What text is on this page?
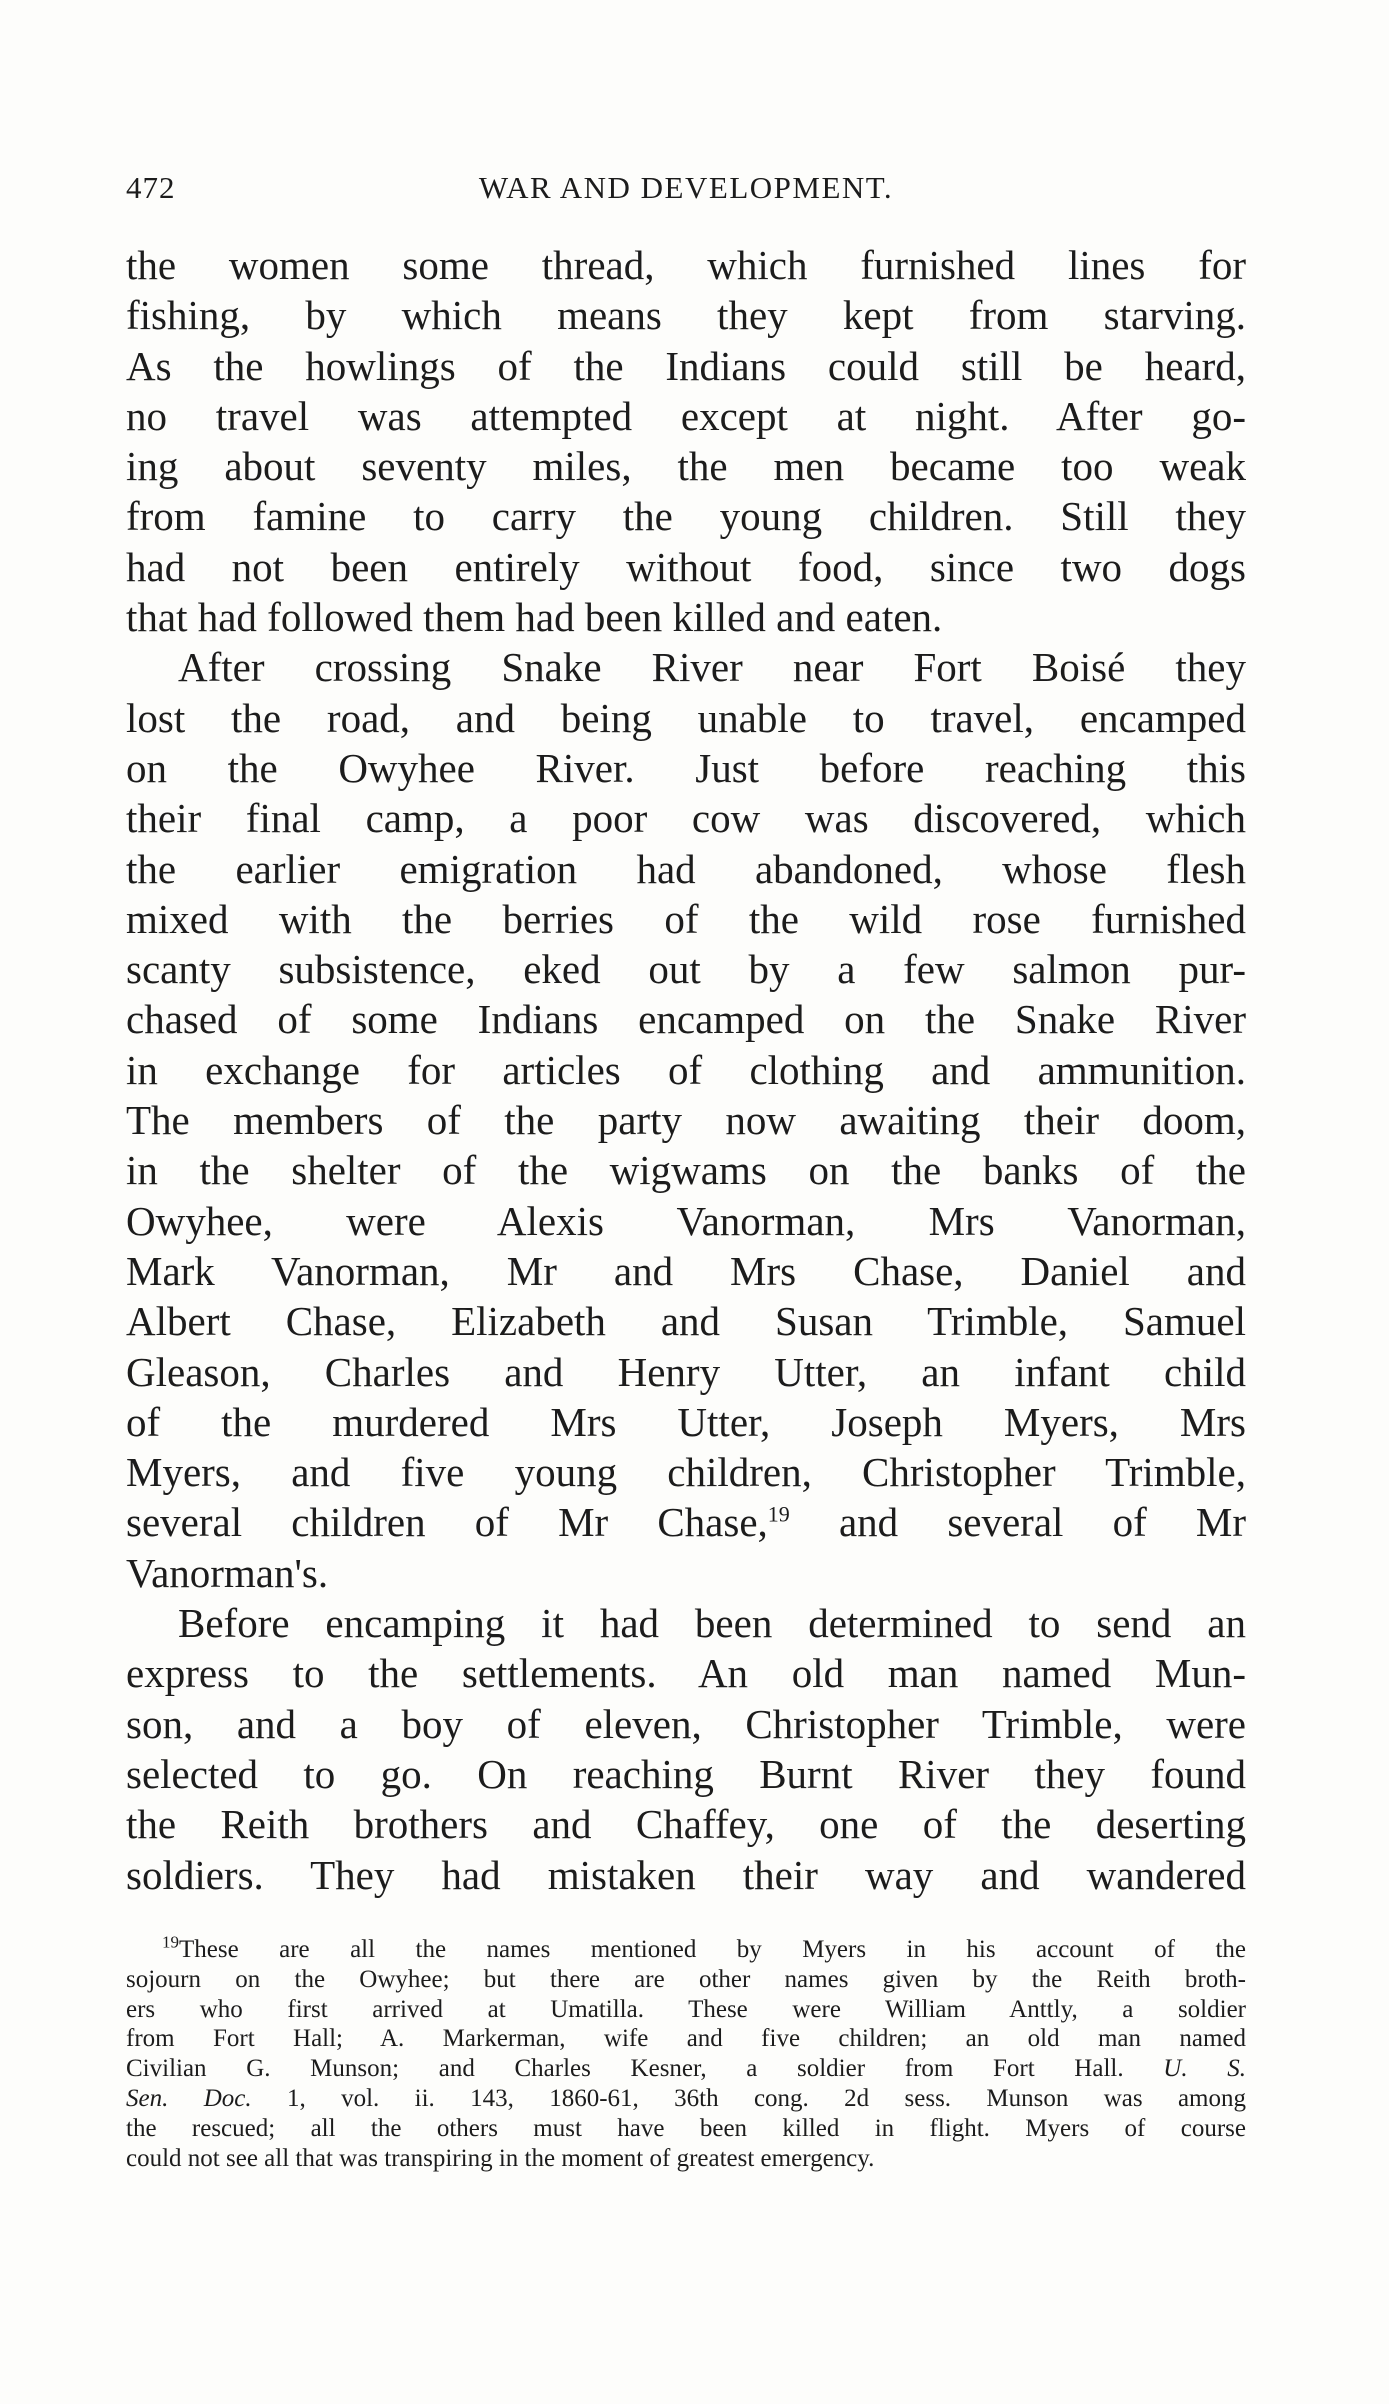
472	WAR AND DEVELOPMENT.
the women some thread, which furnished lines for
fishing, by which means they kept from starving.
As the howlings of the Indians could still be heard,
no travel was attempted except at night. After go-
ing about seventy miles, the men became too weak
from famine to carry the young children. Still they
had not been entirely without food, since two dogs
that had followed them had been killed and eaten.
After crossing Snake River near Fort Boisé they
lost the road, and being unable to travel, encamped
on the Owyhee River. Just before reaching this
their final camp, a poor cow was discovered, which
the earlier emigration had abandoned, whose flesh
mixed with the berries of the wild rose furnished
scanty subsistence, eked out by a few salmon pur-
chased of some Indians encamped on the Snake River
in exchange for articles of clothing and ammunition.
The members of the party now awaiting their doom,
in the shelter of the wigwams on the banks of the
Owyhee, were Alexis Vanorman, Mrs Vanorman,
Mark Vanorman, Mr and Mrs Chase, Daniel and
Albert Chase, Elizabeth and Susan Trimble, Samuel
Gleason, Charles and Henry Utter, an infant child
of the murdered Mrs Utter, Joseph Myers, Mrs
Myers, and five young children, Christopher Trimble,
several children of Mr Chase,$^{19}$ and several of Mr
Vanorman's.
Before encamping it had been determined to send an
express to the settlements. An old man named Mun-
son, and a boy of eleven, Christopher Trimble, were
selected to go. On reaching Burnt River they found
the Reith brothers and Chaffey, one of the deserting
soldiers. They had mistaken their way and wandered
$^{19}$These are all the names mentioned by Myers in his account of the
sojourn on the Owyhee; but there are other names given by the Reith broth-
ers who first arrived at Umatilla. These were William Anttly, a soldier
from Fort Hall; A. Markerman, wife and five children; an old man named
Civilian G. Munson; and Charles Kesner, a soldier from Fort Hall. U. S.
Sen. Doc. 1, vol. ii. 143, 1860-61, 36th cong. 2d sess. Munson was among
the rescued; all the others must have been killed in flight. Myers of course
could not see all that was transpiring in the moment of greatest emergency.
